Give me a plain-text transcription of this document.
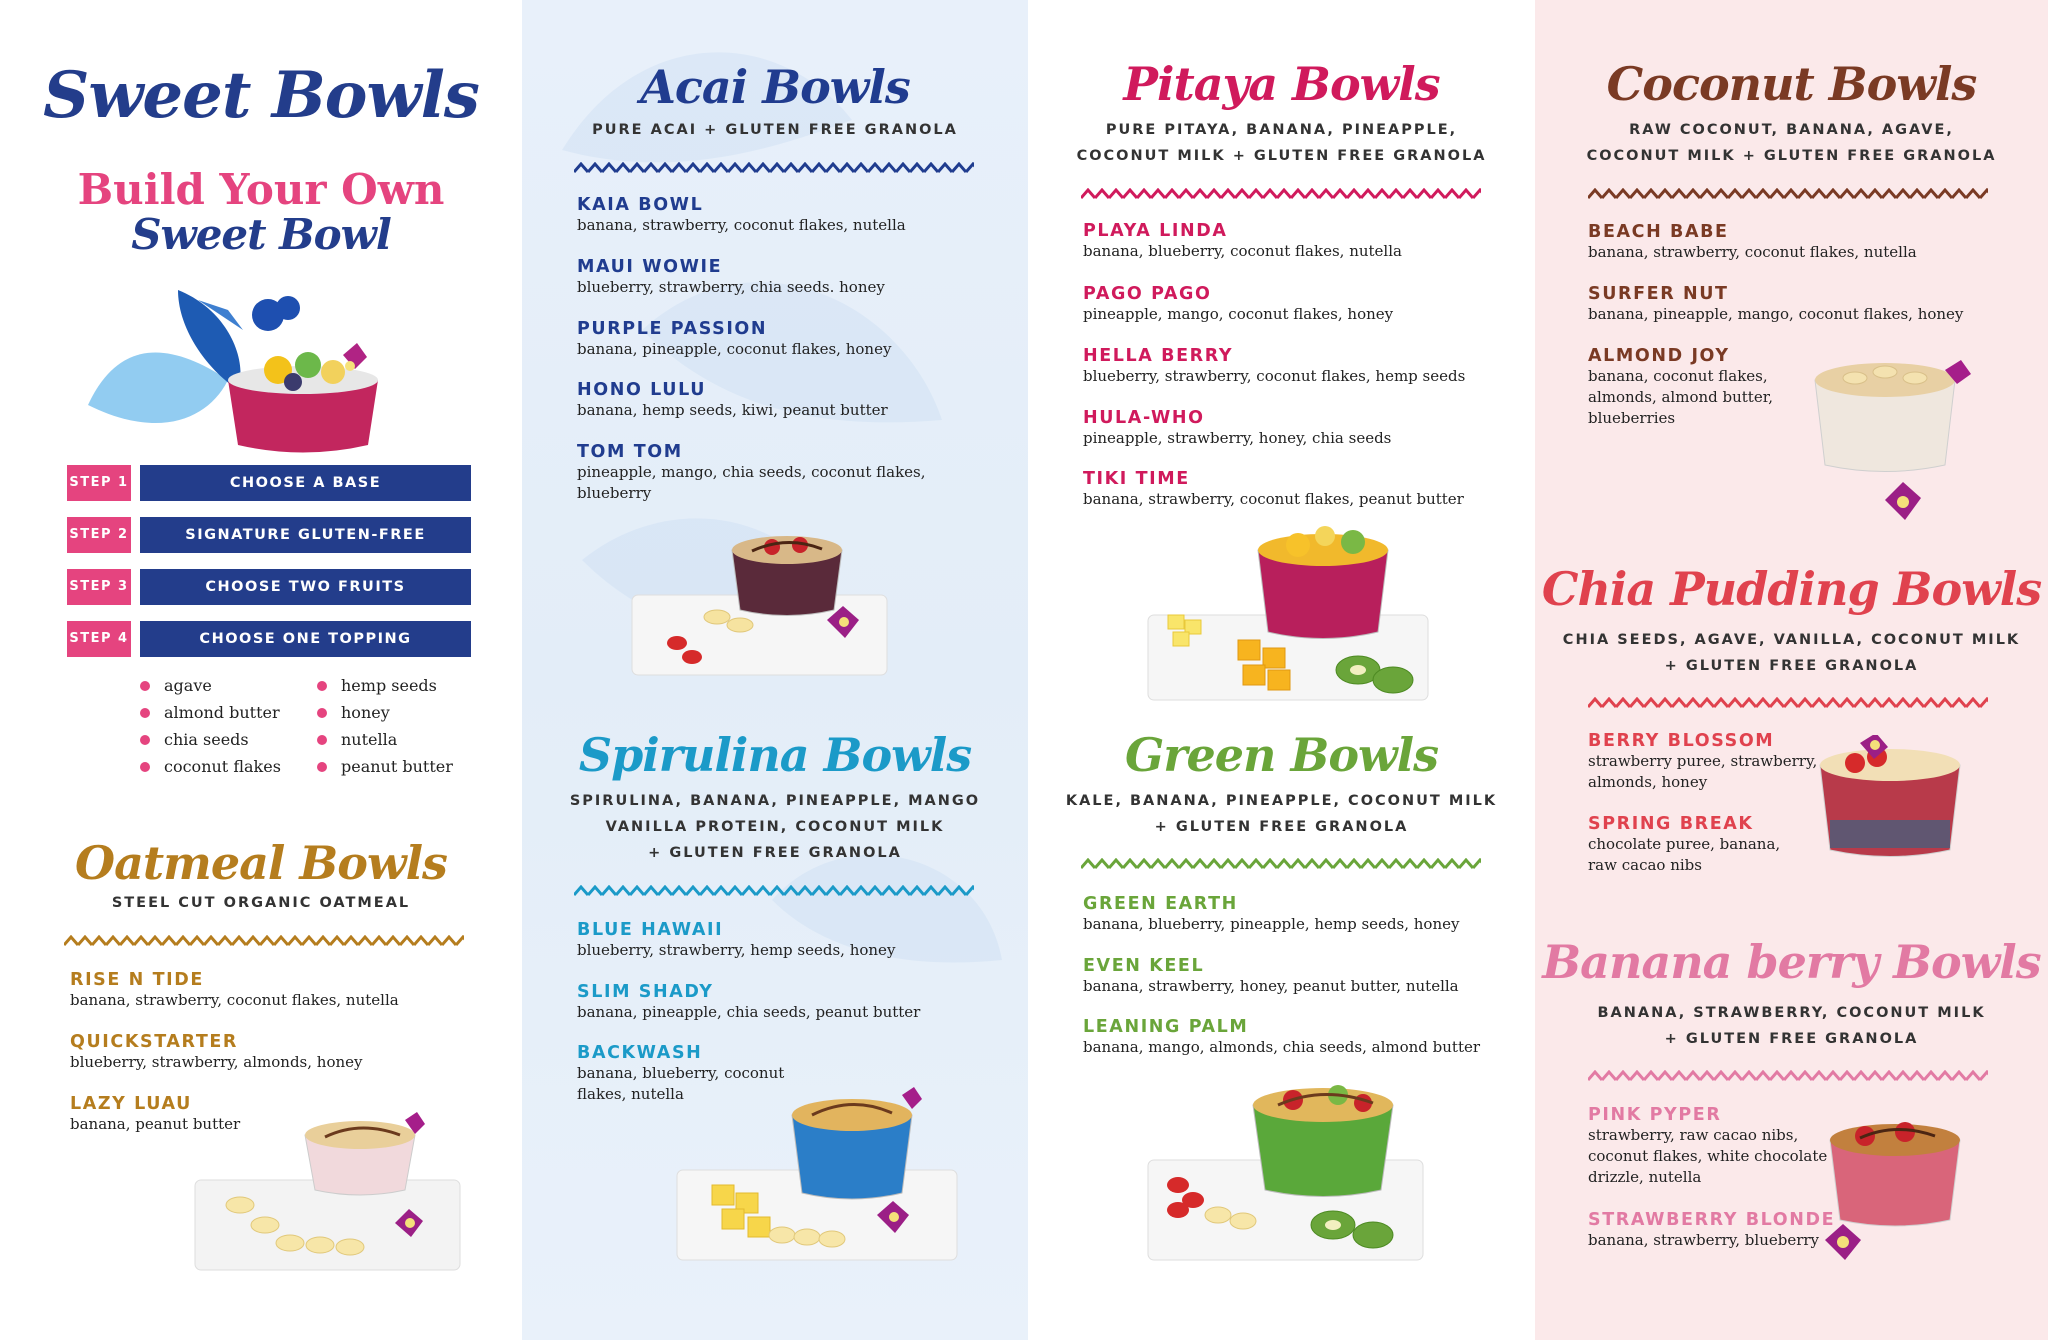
Sweet Bowls
Build Your Own
Sweet Bowl
STEP 1	CHOOSE A BASE
STEP 2	SIGNATURE GLUTEN-FREE
STEP 3	CHOOSE TWO FRUITS
STEP 4	CHOOSE ONE TOPPING
agave
almond butter
chia seeds
coconut flakes
hemp seeds
honey
nutella
peanut butter
Oatmeal Bowls
STEEL CUT ORGANIC OATMEAL
RISE N TIDE
banana, strawberry, coconut flakes, nutella
QUICKSTARTER
blueberry, strawberry, almonds, honey
LAZY LUAU
banana, peanut butter
Acai Bowls
PURE ACAI + GLUTEN FREE GRANOLA
KAIA BOWL
banana, strawberry, coconut flakes, nutella
MAUI WOWIE
blueberry, strawberry, chia seeds. honey
PURPLE PASSION
banana, pineapple, coconut flakes, honey
HONO LULU
banana, hemp seeds, kiwi, peanut butter
TOM TOM
pineapple, mango, chia seeds, coconut flakes,
blueberry
Spirulina Bowls
SPIRULINA, BANANA, PINEAPPLE, MANGO
VANILLA PROTEIN, COCONUT MILK
+ GLUTEN FREE GRANOLA
BLUE HAWAII
blueberry, strawberry, hemp seeds, honey
SLIM SHADY
banana, pineapple, chia seeds, peanut butter
BACKWASH
banana, blueberry, coconut
flakes, nutella
Pitaya Bowls
PURE PITAYA, BANANA, PINEAPPLE,
COCONUT MILK + GLUTEN FREE GRANOLA
PLAYA LINDA
banana, blueberry, coconut flakes, nutella
PAGO PAGO
pineapple, mango, coconut flakes, honey
HELLA BERRY
blueberry, strawberry, coconut flakes, hemp seeds
HULA-WHO
pineapple, strawberry, honey, chia seeds
TIKI TIME
banana, strawberry, coconut flakes, peanut butter
Green Bowls
KALE, BANANA, PINEAPPLE, COCONUT MILK
+ GLUTEN FREE GRANOLA
GREEN EARTH
banana, blueberry, pineapple, hemp seeds, honey
EVEN KEEL
banana, strawberry, honey, peanut butter, nutella
LEANING PALM
banana, mango, almonds, chia seeds, almond butter
Coconut Bowls
RAW COCONUT, BANANA, AGAVE,
COCONUT MILK + GLUTEN FREE GRANOLA
BEACH BABE
banana, strawberry, coconut flakes, nutella
SURFER NUT
banana, pineapple, mango, coconut flakes, honey
ALMOND JOY
banana, coconut flakes,
almonds, almond butter,
blueberries
Chia Pudding Bowls
CHIA SEEDS, AGAVE, VANILLA, COCONUT MILK
+ GLUTEN FREE GRANOLA
BERRY BLOSSOM
strawberry puree, strawberry,
almonds, honey
SPRING BREAK
chocolate puree, banana,
raw cacao nibs
Banana berry Bowls
BANANA, STRAWBERRY, COCONUT MILK
+ GLUTEN FREE GRANOLA
PINK PYPER
strawberry, raw cacao nibs,
coconut flakes, white chocolate
drizzle, nutella
STRAWBERRY BLONDE
banana, strawberry, blueberry
